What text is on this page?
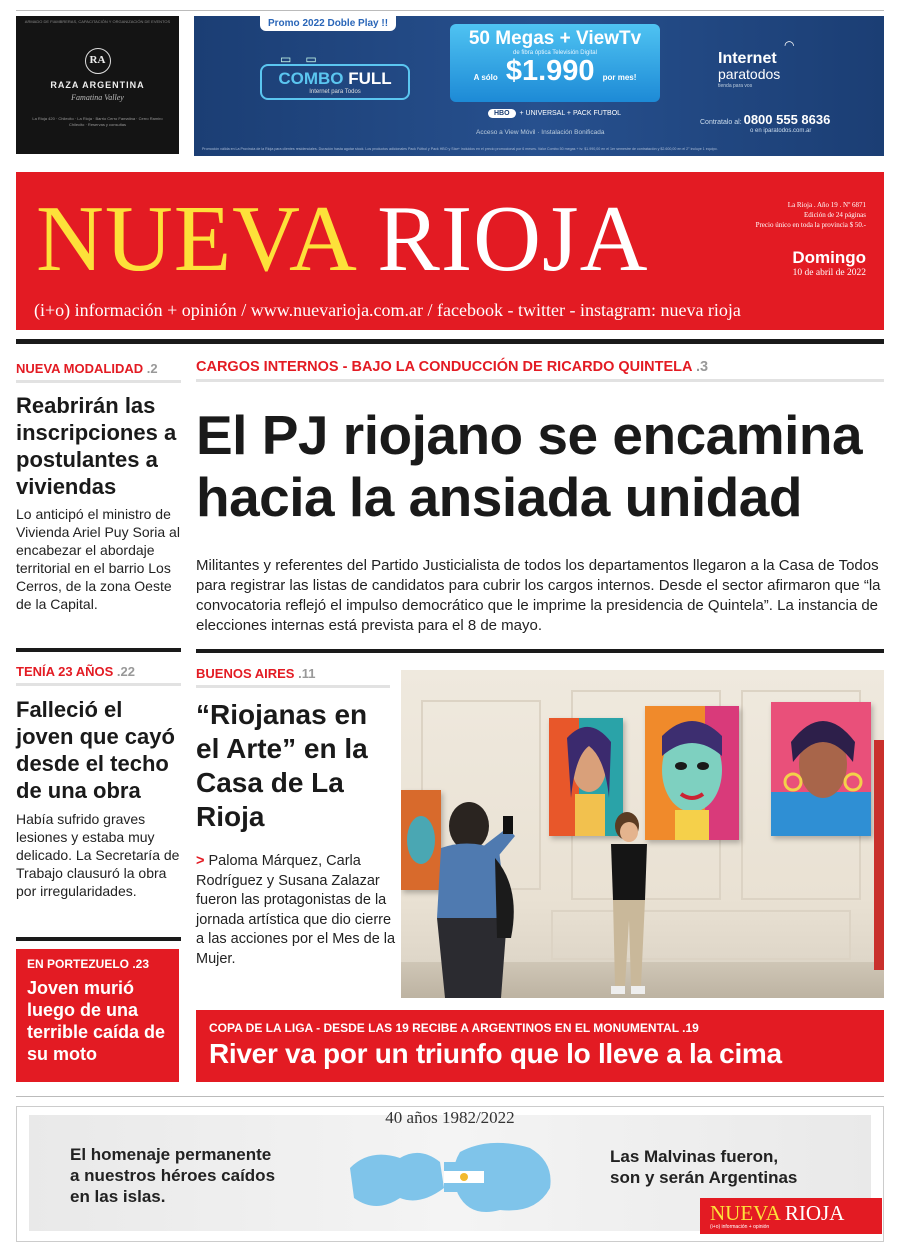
ARMADO DE FIAMBRERAS, CAPACITACIÓN Y ORGANIZACIÓN DE EVENTOS
RA
RAZA ARGENTINA
Famatina Valley
La Rioja 420 · Chilecito · La Rioja · Barrio Cerro Famatina · Cerro Ramiro Chilecito · Reservas y consultas
Promo 2022 Doble Play !!
▭▭
COMBO FULL
Internet para Todos
50 Megas + ViewTv
de fibra óptica Televisión Digital
A sólo $1.990 por mes!
HBO + UNIVERSAL + PACK FUTBOL
Acceso a View Móvil · Instalación Bonificada
◠
Internet
paratodos
tienda para vos
Contratalo al: 0800 555 8636
o en iparatodos.com.ar
Promoción válida en La Provincia de la Rioja para clientes residenciales. Duración hasta agotar stock. Los productos adicionales Pack Fútbol y Pack HBO y Star+ incluidos en el precio promocional por 6 meses. Valor Combo 50 megas + tv: $1.990,00 en el 1er semestre de contratación y $2.600,00 en el 2° incluye 1 equipo.
NUEVA RIOJA	La Rioja . Año 19 . Nº 6871
Edición de 24 páginas
Precio único en toda la provincia $ 50.-
Domingo
10 de abril de 2022
(i+o) información + opinión / www.nuevarioja.com.ar / facebook - twitter - instagram: nueva rioja
NUEVA MODALIDAD .2
Reabrirán las inscripciones a postulantes a viviendas
Lo anticipó el ministro de Vivienda Ariel Puy Soria al encabezar el abordaje territorial en el barrio Los Cerros, de la zona Oeste de la Capital.
TENÍA 23 AÑOS .22
Falleció el joven que cayó desde el techo de una obra
Había sufrido graves lesiones y estaba muy delicado. La Secretaría de Trabajo clausuró la obra por irregularidades.
EN PORTEZUELO .23
Joven murió luego de una terrible caída de su moto
CARGOS INTERNOS - BAJO LA CONDUCCIÓN DE RICARDO QUINTELA .3
El PJ riojano se encamina hacia la ansiada unidad
Militantes y referentes del Partido Justicialista de todos los departamentos llegaron a la Casa de Todos para registrar las listas de candidatos para cubrir los cargos internos. Desde el sector afirmaron que “la convocatoria reflejó el impulso democrático que le imprime la presidencia de Quintela”. La instancia de elecciones internas está prevista para el 8 de mayo.
BUENOS AIRES .11
“Riojanas en el Arte” en la Casa de La Rioja
> Paloma Márquez, Carla Rodríguez y Susana Zalazar fueron las protagonistas de la jornada artística que dio cierre a las acciones por el Mes de la Mujer.
COPA DE LA LIGA - DESDE LAS 19 RECIBE A ARGENTINOS EN EL MONUMENTAL .19
River va por un triunfo que lo lleve a la cima
40 años 1982/2022
El homenaje permanente
a nuestros héroes caídos
en las islas.
Las Malvinas fueron,
son y serán Argentinas
NUEVA RIOJA
(i+o) información + opinión
